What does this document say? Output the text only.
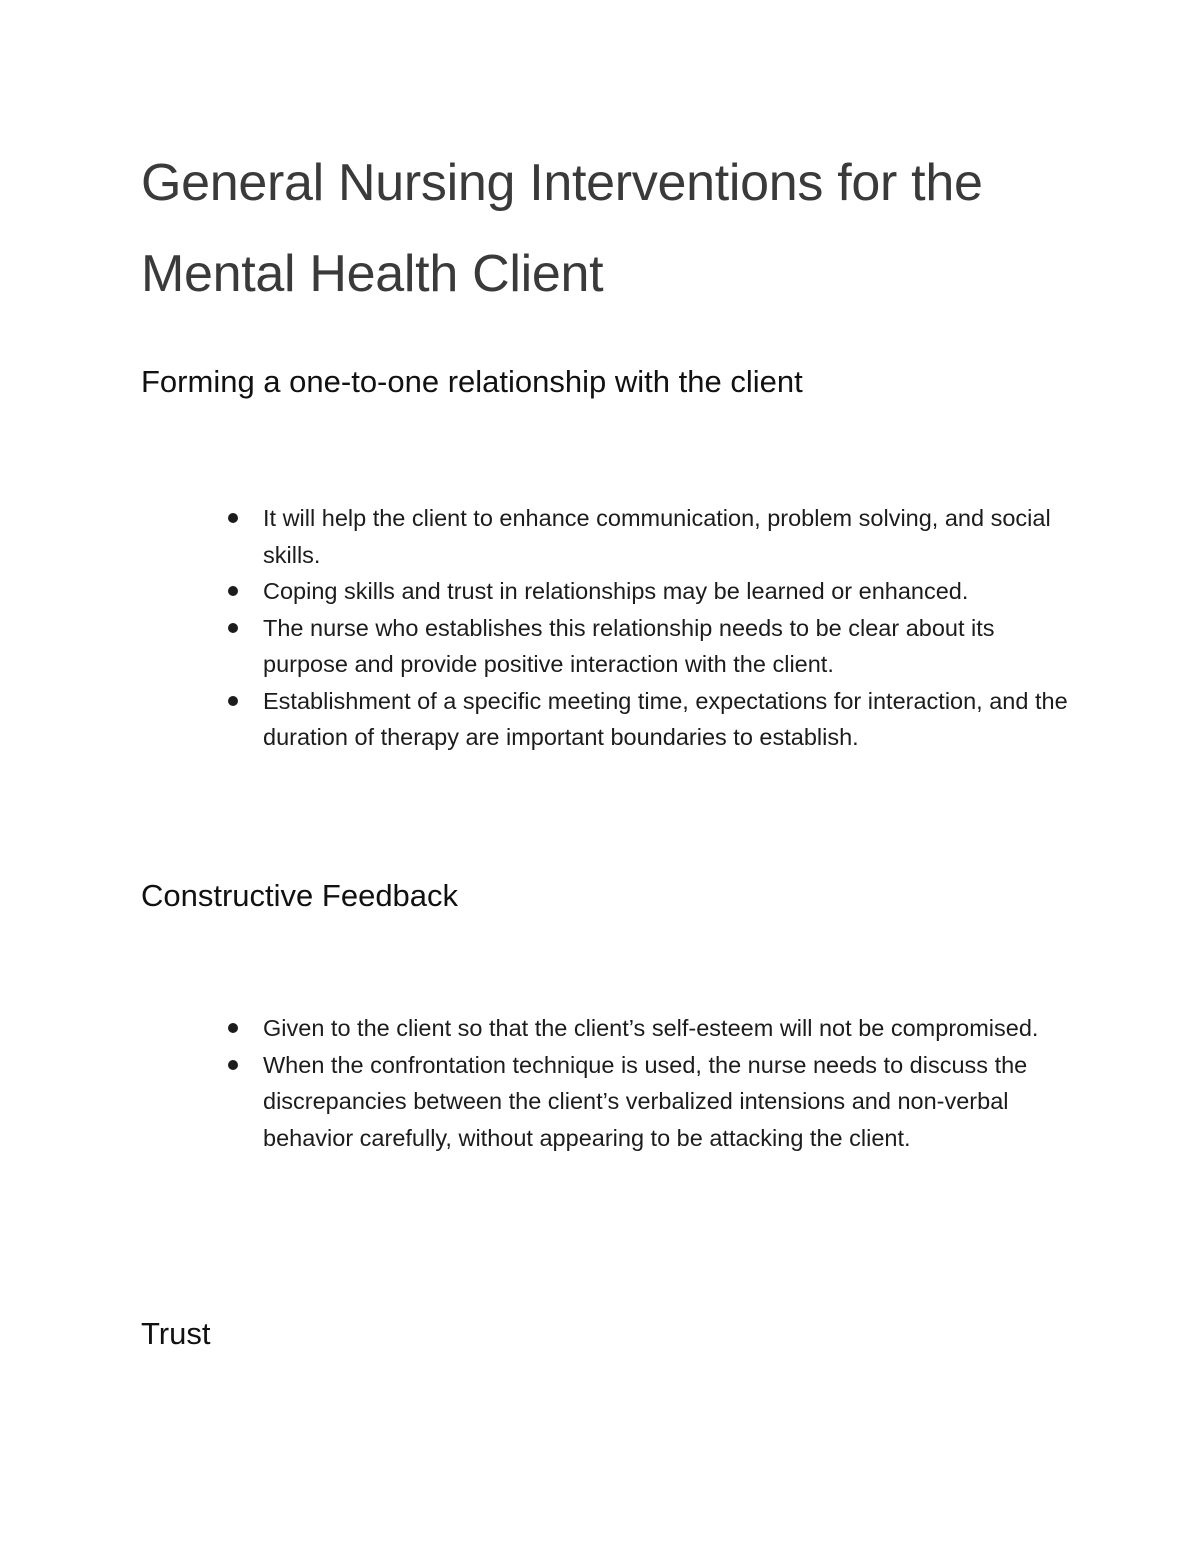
General Nursing Interventions for the Mental Health Client
Forming a one-to-one relationship with the client
It will help the client to enhance communication, problem solving, and social skills.
Coping skills and trust in relationships may be learned or enhanced.
The nurse who establishes this relationship needs to be clear about its purpose and provide positive interaction with the client.
Establishment of a specific meeting time, expectations for interaction, and the duration of therapy are important boundaries to establish.
Constructive Feedback
Given to the client so that the client’s self-esteem will not be compromised.
When the confrontation technique is used, the nurse needs to discuss the discrepancies between the client’s verbalized intensions and non-verbal behavior carefully, without appearing to be attacking the client.
Trust
